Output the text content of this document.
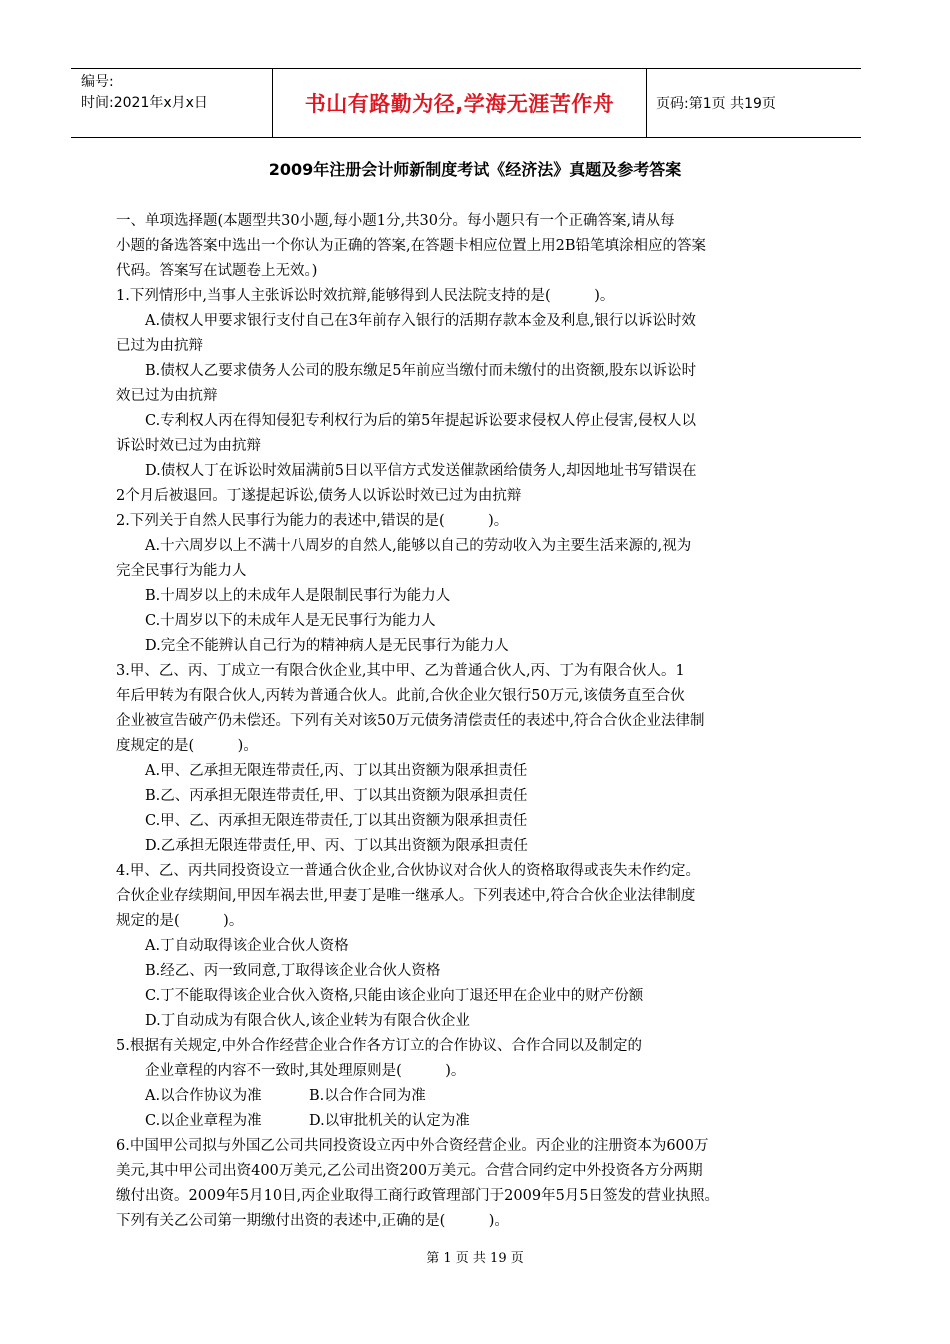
编号:
时间:2021年x月x日	书山有路勤为径,学海无涯苦作舟	页码:第1页 共19页
2009年注册会计师新制度考试《经济法》真题及参考答案

一、单项选择题(本题型共30小题,每小题1分,共30分。每小题只有一个正确答案,请从每

小题的备选答案中选出一个你认为正确的答案,在答题卡相应位置上用2B铅笔填涂相应的答案

代码。答案写在试题卷上无效。)

1.下列情形中,当事人主张诉讼时效抗辩,能够得到人民法院支持的是(　　　)。

A.债权人甲要求银行支付自己在3年前存入银行的活期存款本金及利息,银行以诉讼时效

已过为由抗辩

B.债权人乙要求债务人公司的股东缴足5年前应当缴付而未缴付的出资额,股东以诉讼时

效已过为由抗辩

C.专利权人丙在得知侵犯专利权行为后的第5年提起诉讼要求侵权人停止侵害,侵权人以

诉讼时效已过为由抗辩

D.债权人丁在诉讼时效届满前5日以平信方式发送催款函给债务人,却因地址书写错误在

2个月后被退回。丁遂提起诉讼,债务人以诉讼时效已过为由抗辩

2.下列关于自然人民事行为能力的表述中,错误的是(　　　)。

A.十六周岁以上不满十八周岁的自然人,能够以自己的劳动收入为主要生活来源的,视为

完全民事行为能力人

B.十周岁以上的未成年人是限制民事行为能力人

C.十周岁以下的未成年人是无民事行为能力人

D.完全不能辨认自己行为的精神病人是无民事行为能力人

3.甲、乙、丙、丁成立一有限合伙企业,其中甲、乙为普通合伙人,丙、丁为有限合伙人。1

年后甲转为有限合伙人,丙转为普通合伙人。此前,合伙企业欠银行50万元,该债务直至合伙

企业被宣告破产仍未偿还。下列有关对该50万元债务清偿责任的表述中,符合合伙企业法律制

度规定的是(　　　)。

A.甲、乙承担无限连带责任,丙、丁以其出资额为限承担责任

B.乙、丙承担无限连带责任,甲、丁以其出资额为限承担责任

C.甲、乙、丙承担无限连带责任,丁以其出资额为限承担责任

D.乙承担无限连带责任,甲、丙、丁以其出资额为限承担责任

4.甲、乙、丙共同投资设立一普通合伙企业,合伙协议对合伙人的资格取得或丧失未作约定。

合伙企业存续期间,甲因车祸去世,甲妻丁是唯一继承人。下列表述中,符合合伙企业法律制度

规定的是(　　　)。

A.丁自动取得该企业合伙人资格

B.经乙、丙一致同意,丁取得该企业合伙人资格

C.丁不能取得该企业合伙入资格,只能由该企业向丁退还甲在企业中的财产份额

D.丁自动成为有限合伙人,该企业转为有限合伙企业

5.根据有关规定,中外合作经营企业合作各方订立的合作协议、合作合同以及制定的

企业章程的内容不一致时,其处理原则是(　　　)。

A.以合作协议为准	B.以合作合同为准
C.以企业章程为准	D.以审批机关的认定为准

6.中国甲公司拟与外国乙公司共同投资设立丙中外合资经营企业。丙企业的注册资本为600万

美元,其中甲公司出资400万美元,乙公司出资200万美元。合营合同约定中外投资各方分两期

缴付出资。2009年5月10日,丙企业取得工商行政管理部门于2009年5月5日签发的营业执照。

下列有关乙公司第一期缴付出资的表述中,正确的是(　　　)。

第 1 页 共 19 页
